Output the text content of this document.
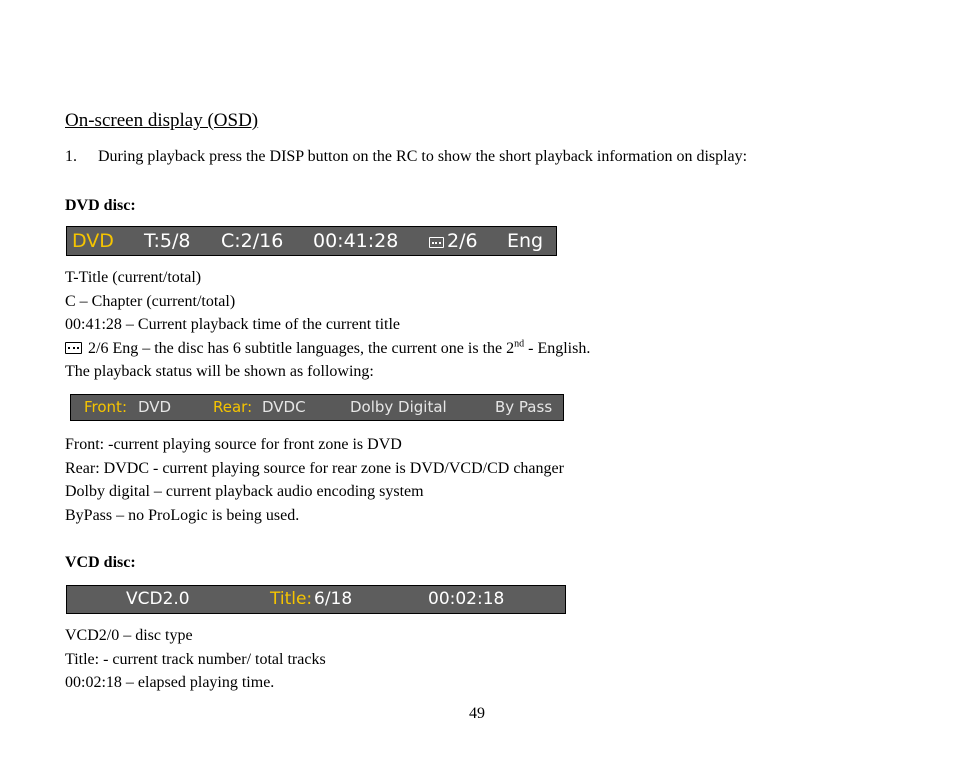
On-screen display (OSD)
1. During playback press the DISP button on the RC to show the short playback information on display:
DVD disc:
DVD T:5/8 C:2/16 00:41:28	2/6 Eng
T-Title (current/total)
C – Chapter (current/total)
00:41:28 – Current playback time of the current title
2/6 Eng – the disc has 6 subtitle languages, the current one is the 2nd - English.
The playback status will be shown as following:
Front: DVD	Rear: DVDC	Dolby Digital	By Pass
Front: -current playing source for front zone is DVD
Rear: DVDC - current playing source for rear zone is DVD/VCD/CD changer
Dolby digital – current playback audio encoding system
ByPass – no ProLogic is being used.
VCD disc:
VCD2.0	Title: 6/18	00:02:18
VCD2/0 – disc type
Title: - current track number/ total tracks
00:02:18 – elapsed playing time.
49
